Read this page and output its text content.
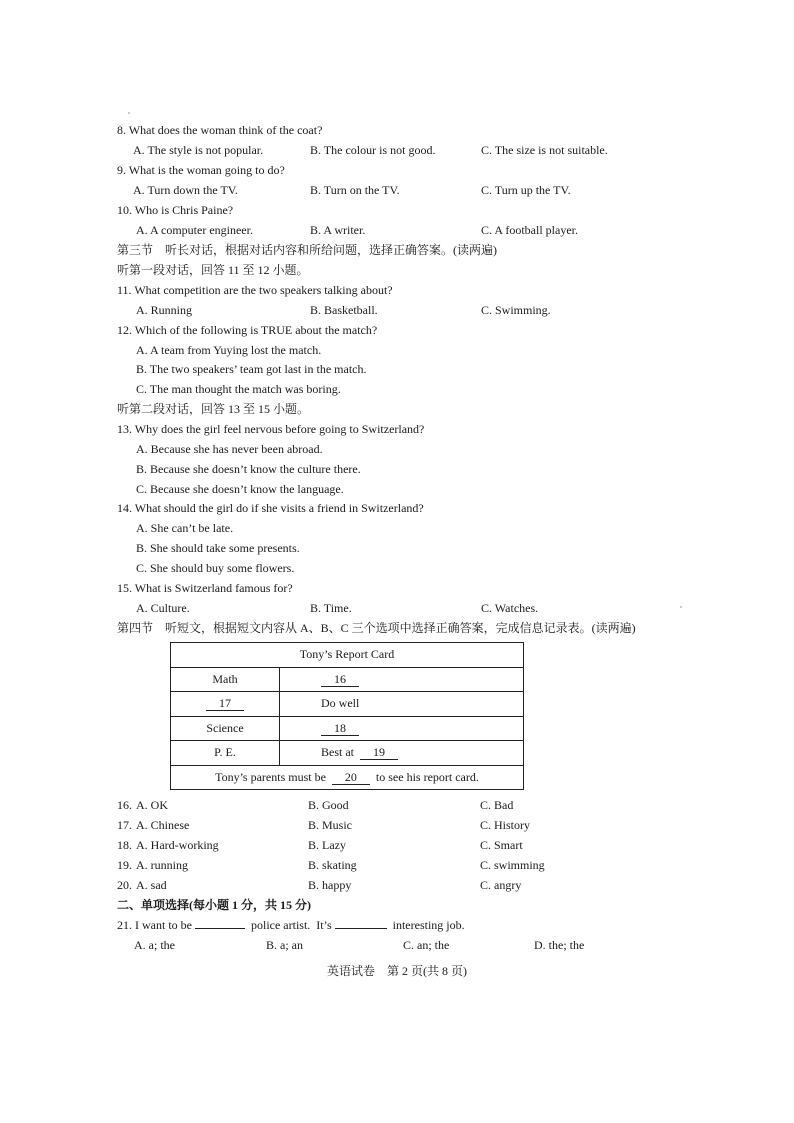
8. What does the woman think of the coat?
A. The style is not popular.	B. The colour is not good.	C. The size is not suitable.
9. What is the woman going to do?
A. Turn down the TV.	B. Turn on the TV.	C. Turn up the TV.
10. Who is Chris Paine?
A. A computer engineer.	B. A writer.	C. A football player.
第三节　听长对话，根据对话内容和所给问题，选择正确答案。(读两遍)
听第一段对话，回答 11 至 12 小题。
11. What competition are the two speakers talking about?
A. Running	B. Basketball.	C. Swimming.
12. Which of the following is TRUE about the match?
A. A team from Yuying lost the match.
B. The two speakers’ team got last in the match.
C. The man thought the match was boring.
听第二段对话，回答 13 至 15 小题。
13. Why does the girl feel nervous before going to Switzerland?
A. Because she has never been abroad.
B. Because she doesn’t know the culture there.
C. Because she doesn’t know the language.
14. What should the girl do if she visits a friend in Switzerland?
A. She can’t be late.
B. She should take some presents.
C. She should buy some flowers.
15. What is Switzerland famous for?
A. Culture.	B. Time.	C. Watches.
第四节　听短文，根据短文内容从 A、B、C 三个选项中选择正确答案，完成信息记录表。(读两遍)
Tony’s Report Card	
Math	16
17	Do well
Science	18
P. E.	Best at 19
Tony’s parents must be 20 to see his report card.	
16. A. OK	B. Good	C. Bad
17. A. Chinese	B. Music	C. History
18. A. Hard-working	B. Lazy	C. Smart
19. A. running	B. skating	C. swimming
20. A. sad	B. happy	C. angry
二、单项选择(每小题 1 分，共 15 分)
21. I want to be	police artist.  It’s	interesting job.
A. a; the	B. a; an	C. an; the	D. the; the
英语试卷　第 2 页(共 8 页)
